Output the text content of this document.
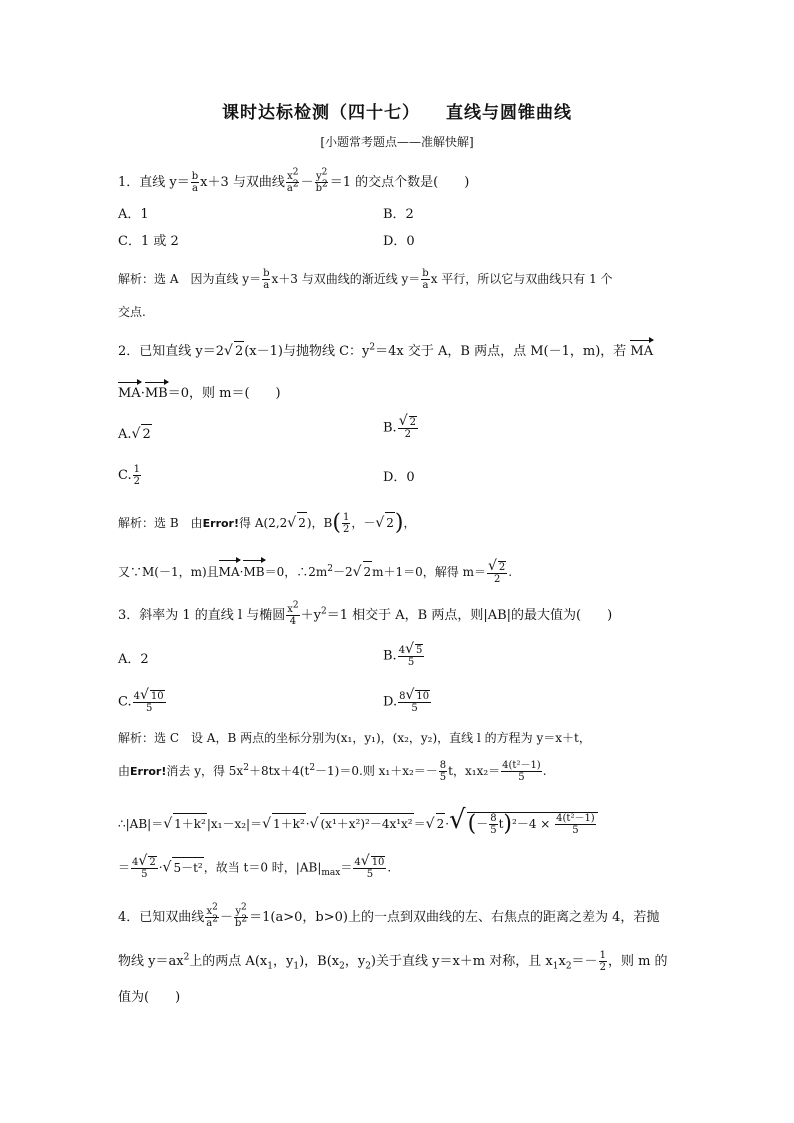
课时达标检测（四十七） 直线与圆锥曲线
[小题常考题点——准解快解]
1．直线 $y= \frac{b}{a} x+3$ 与双曲线 $\frac{x^2}{a^2} - \frac{y^2}{b^2} =1$ 的交点个数是(　　)
A．1	B．2
C．1 或 2	D．0
解析：选 A　因为直线 $y= \frac{b}{a} x+3$ 与双曲线的渐近线 $y= \frac{b}{a}$ x 平行，所以它与双曲线只有 1 个
交点.
2．已知直线 y＝2√ 2(x－1)与抛物线 C：$y^2=4x$ 交于 A，B 两点，点 M(－1，m)，若 MA
MA·MB＝0，则 m＝(　　)
A.√ 2	B. $\frac{√ 2}{2}$
C. $\frac{1}{2}$	D．0
解析：选 B　由Error!得 A(2,2√ 2)，$B( \frac{1}{2}$ ，－√ 2)，
又∵M(－1，m)且MA·MB＝0，$\therefore 2m^2-2√$ 2m＋1＝0，解得 $m= \frac{√ 2}{2}$ .
3．斜率为 1 的直线 l 与椭圆 $\frac{x^2}{4} +y^2=1$ 相交于 A，B 两点，则|AB|的最大值为(　　)
A．2	B. $\frac{4√ 5}{5}$
C. $\frac{4√ 10}{5}$	D. $\frac{8√ 10}{5}$
解析：选 C　设 A，B 两点的坐标分别为(x₁，y₁)，(x₂，y₂)，直线 l 的方程为 y＝x＋t，
由Error!消去 y，得 $5x^2+8tx+4(t^2-1)=0$.则 $x_1+x_2=- \frac{8}{5}$ t，$x_1x_2= \frac{\text{4(t²－1)}}{5}$ .
∴|AB|＝√ 1＋k²|x₁－x₂|＝√ 1＋k²·√ (x¹＋x²)²－4x¹x²＝√ $2\cdot√(- \frac{8}{5} t)^2-4 \times \frac{\text{4(t²－1)}}{5}$
＝ $\frac{4√ 2}{5}$ ·√ 5－t²，故当 t＝0 时，$|AB|_{max}= \frac{4√ 10}{5}$ .
4．已知双曲线 $\frac{x^2}{a^2} - \frac{y^2}{b^2} =1(a>0$，b>0)上的一点到双曲线的左、右焦点的距离之差为 4，若抛
物线 $y=ax^2$上的两点 $A(x_1$，$y_1$)，$B(x_2$，$y_2$)关于直线 y＝x＋m 对称，且 $x_1x_2=- \frac{1}{2}$ ，则 m 的
值为(　　)
